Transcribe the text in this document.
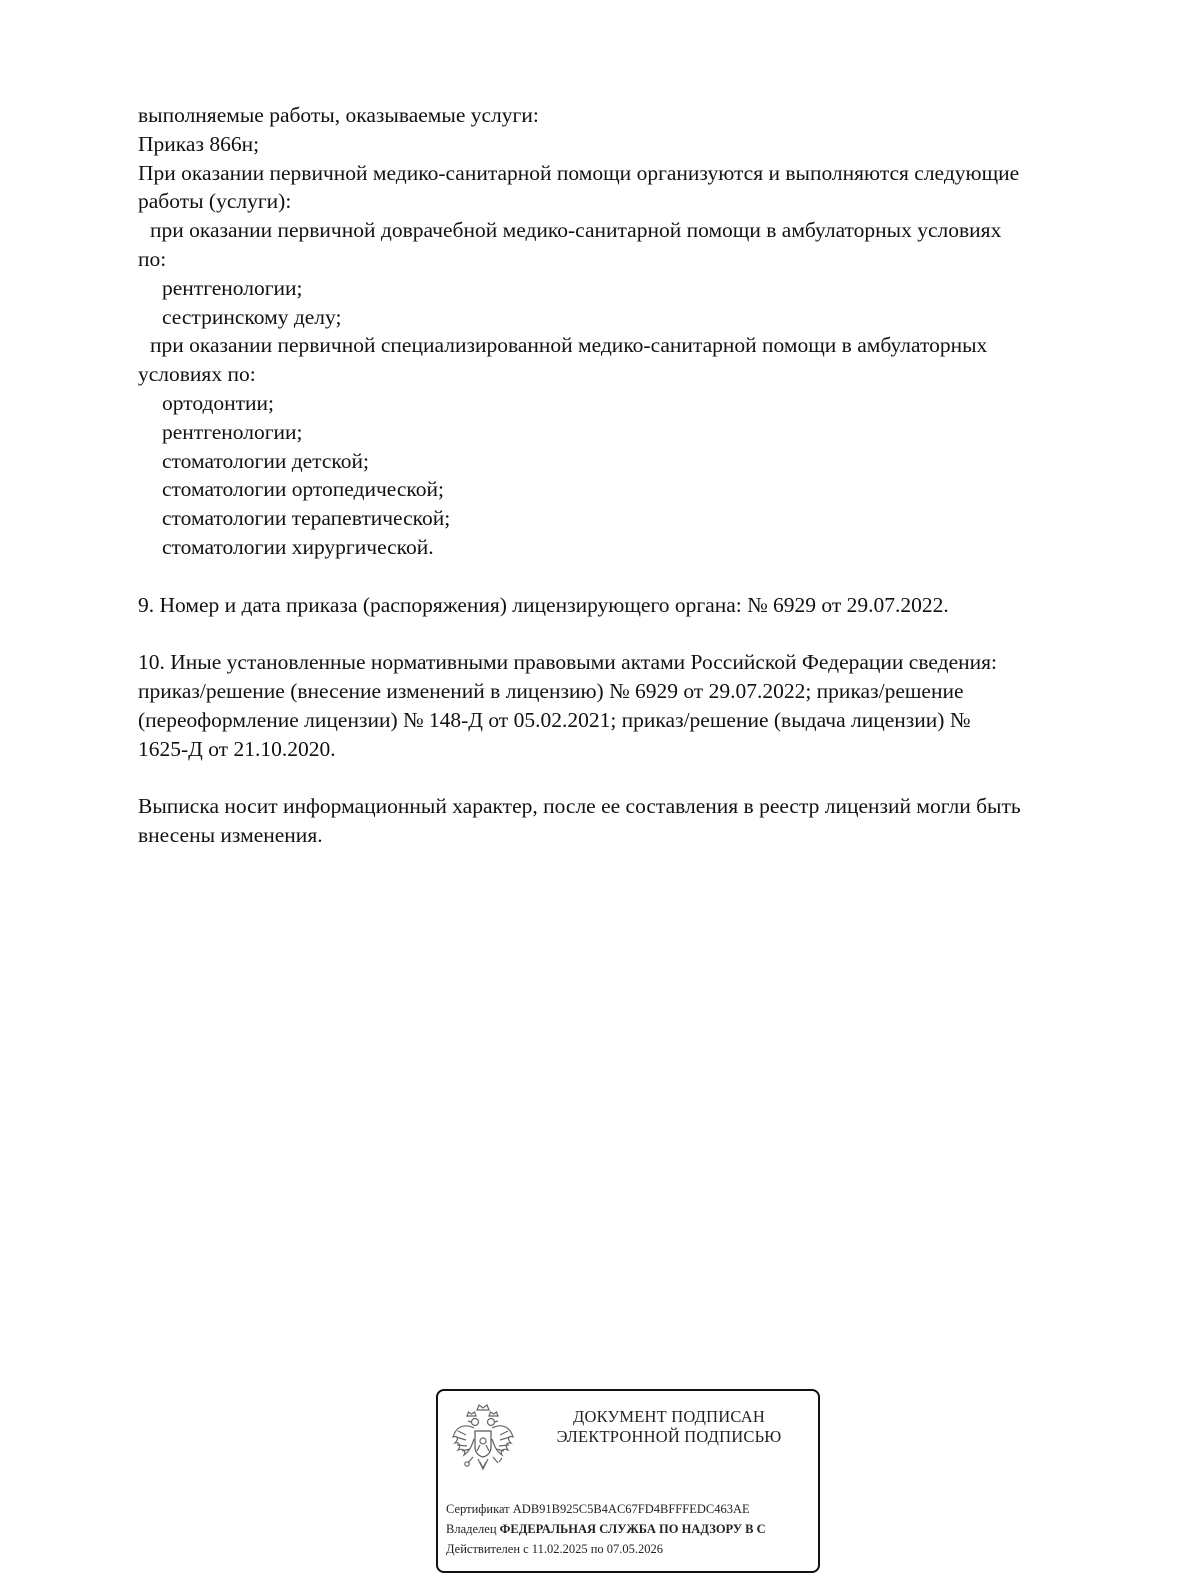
выполняемые работы, оказываемые услуги:
Приказ 866н;
При оказании первичной медико-санитарной помощи организуются и выполняются следующие
работы (услуги):
при оказании первичной доврачебной медико-санитарной помощи в амбулаторных условиях
по:
рентгенологии;
сестринскому делу;
при оказании первичной специализированной медико-санитарной помощи в амбулаторных
условиях по:
ортодонтии;
рентгенологии;
стоматологии детской;
стоматологии ортопедической;
стоматологии терапевтической;
стоматологии хирургической.
9. Номер и дата приказа (распоряжения) лицензирующего органа: № 6929 от 29.07.2022.
10. Иные установленные нормативными правовыми актами Российской Федерации сведения:
приказ/решение (внесение изменений в лицензию) № 6929 от 29.07.2022; приказ/решение
(переоформление лицензии) № 148-Д от 05.02.2021; приказ/решение (выдача лицензии) №
1625-Д от 21.10.2020.
Выписка носит информационный характер, после ее составления в реестр лицензий могли быть
внесены изменения.
ДОКУМЕНТ ПОДПИСАН
ЭЛЕКТРОННОЙ ПОДПИСЬЮ
Сертификат ADB91B925C5B4AC67FD4BFFFEDC463AE
Владелец ФЕДЕРАЛЬНАЯ СЛУЖБА ПО НАДЗОРУ В С
Действителен с 11.02.2025 по 07.05.2026
